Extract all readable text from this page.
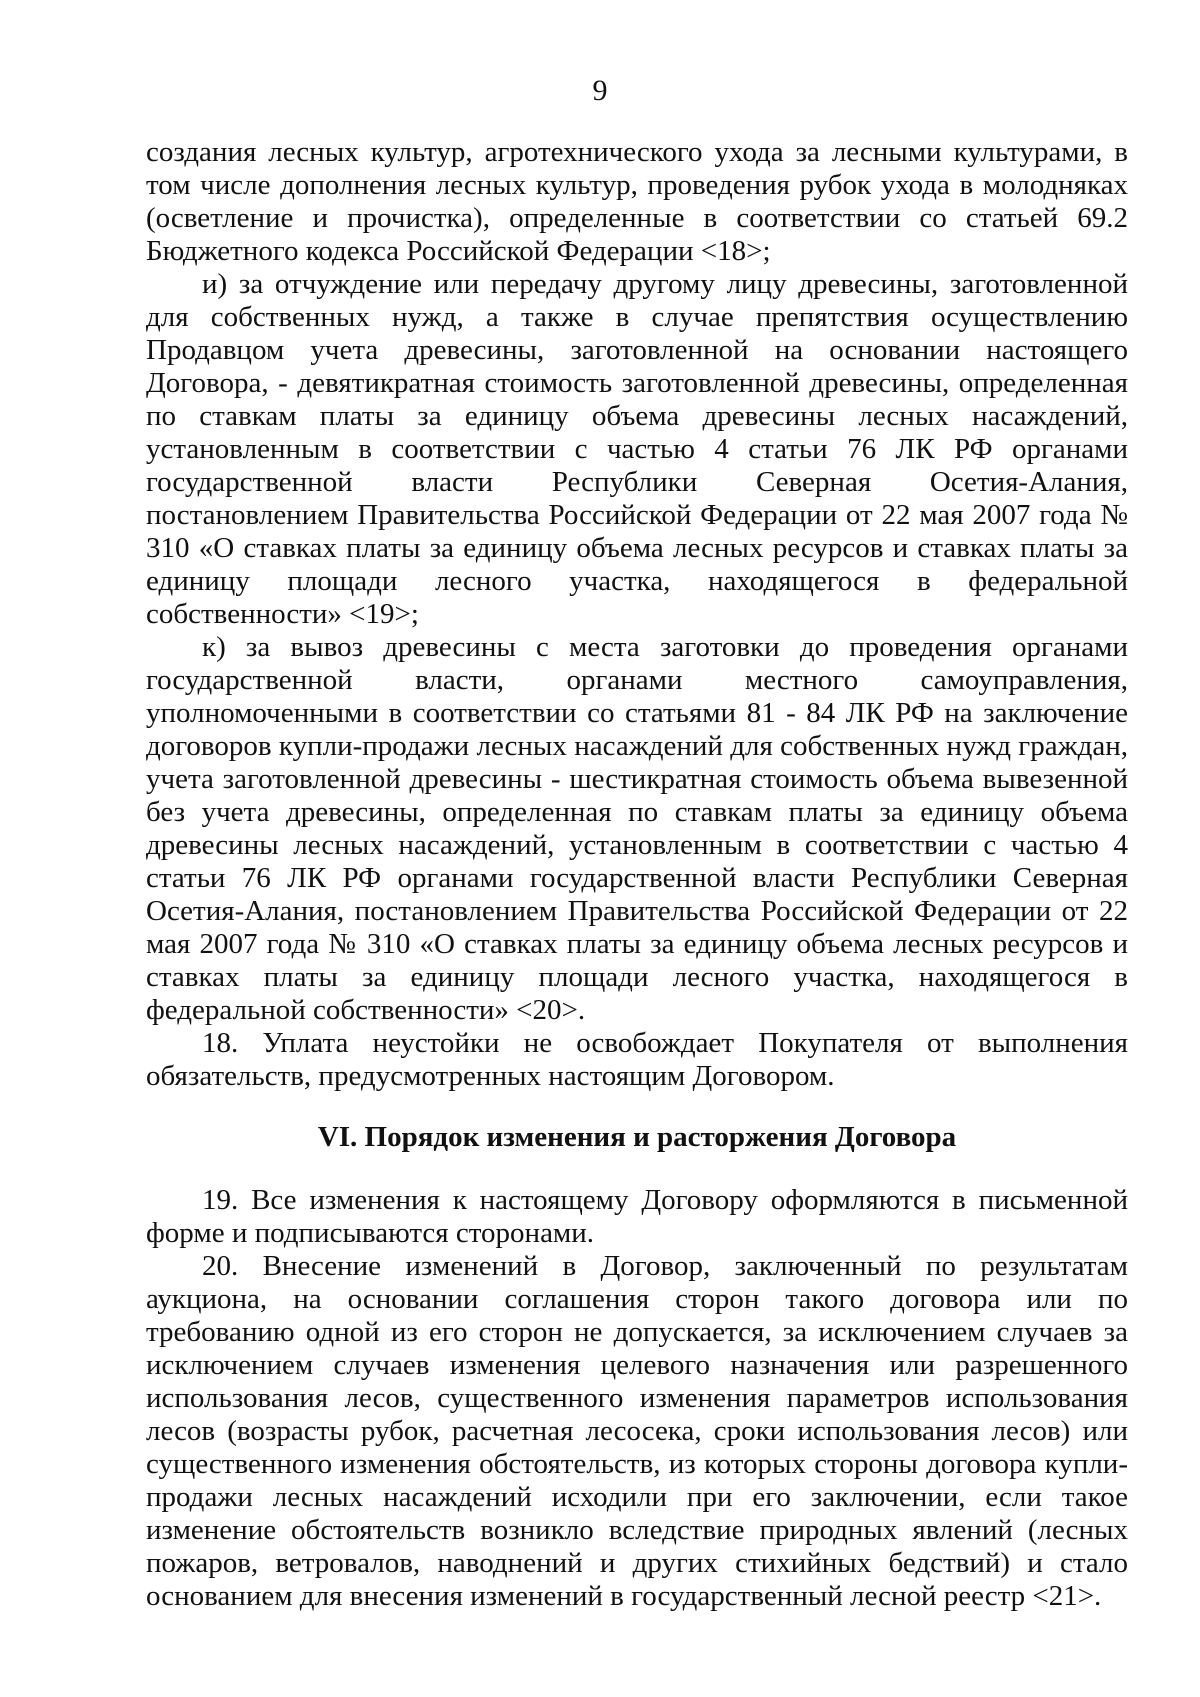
9

создания лесных культур, агротехнического ухода за лесными культурами, в том числе дополнения лесных культур, проведения рубок ухода в молодняках (осветление и прочистка), определенные в соответствии со статьей 69.2 Бюджетного кодекса Российской Федерации <18>;

и) за отчуждение или передачу другому лицу древесины, заготовленной для собственных нужд, а также в случае препятствия осуществлению Продавцом учета древесины, заготовленной на основании настоящего Договора, - девятикратная стоимость заготовленной древесины, определенная по ставкам платы за единицу объема древесины лесных насаждений, установленным в соответствии с частью 4 статьи 76 ЛК РФ органами государственной власти Республики Северная Осетия-Алания, постановлением Правительства Российской Федерации от 22 мая 2007 года № 310 «О ставках платы за единицу объема лесных ресурсов и ставках платы за единицу площади лесного участка, находящегося в федеральной собственности» <19>;

к) за вывоз древесины с места заготовки до проведения органами государственной власти, органами местного самоуправления, уполномоченными в соответствии со статьями 81 - 84 ЛК РФ на заключение договоров купли-продажи лесных насаждений для собственных нужд граждан, учета заготовленной древесины - шестикратная стоимость объема вывезенной без учета древесины, определенная по ставкам платы за единицу объема древесины лесных насаждений, установленным в соответствии с частью 4 статьи 76 ЛК РФ органами государственной власти Республики Северная Осетия-Алания, постановлением Правительства Российской Федерации от 22 мая 2007 года № 310 «О ставках платы за единицу объема лесных ресурсов и ставках платы за единицу площади лесного участка, находящегося в федеральной собственности» <20>.

18. Уплата неустойки не освобождает Покупателя от выполнения обязательств, предусмотренных настоящим Договором.

VI. Порядок изменения и расторжения Договора

19. Все изменения к настоящему Договору оформляются в письменной форме и подписываются сторонами.

20. Внесение изменений в Договор, заключенный по результатам аукциона, на основании соглашения сторон такого договора или по требованию одной из его сторон не допускается, за исключением случаев за исключением случаев изменения целевого назначения или разрешенного использования лесов, существенного изменения параметров использования лесов (возрасты рубок, расчетная лесосека, сроки использования лесов) или существенного изменения обстоятельств, из которых стороны договора купли-продажи лесных насаждений исходили при его заключении, если такое изменение обстоятельств возникло вследствие природных явлений (лесных пожаров, ветровалов, наводнений и других стихийных бедствий) и стало основанием для внесения изменений в государственный лесной реестр <21>.
